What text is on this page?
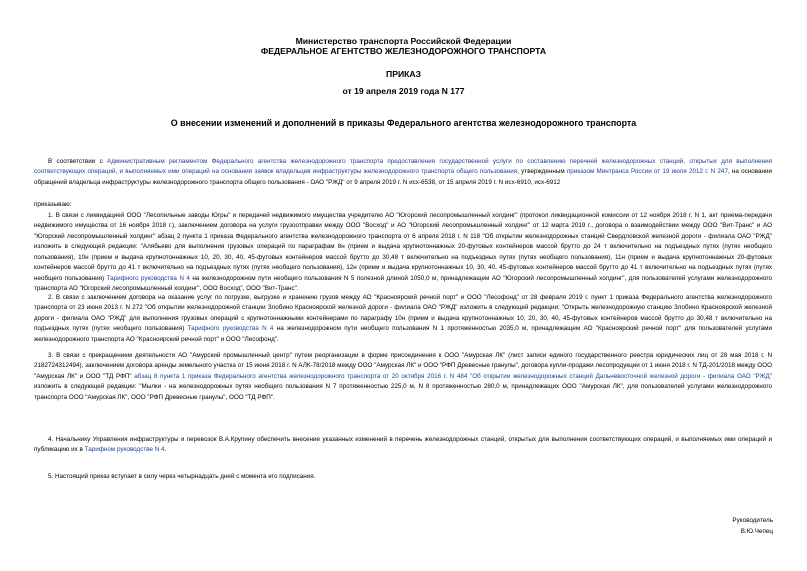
Министерство транспорта Российской Федерации
ФЕДЕРАЛЬНОЕ АГЕНТСТВО ЖЕЛЕЗНОДОРОЖНОГО ТРАНСПОРТА
ПРИКАЗ
от 19 апреля 2019 года N 177
О внесении изменений и дополнений в приказы Федерального агентства железнодорожного транспорта
В соответствии с Административным регламентом Федерального агентства железнодорожного транспорта предоставления государственной услуги по составлению перечней железнодорожных станций, открытых для выполнения соответствующих операций, и выполняемых ими операций на основании заявок владельцев инфраструктуры железнодорожного транспорта общего пользования, утвержденным приказом Минтранса России от 19 июля 2012 г. N 247, на основании обращений владельца инфраструктуры железнодорожного транспорта общего пользования - ОАО "РЖД" от 9 апреля 2019 г. N исх-6538, от 15 апреля 2019 г. N исх-6910, исх-6912
приказываю:
1. В связи с ликвидацией ООО "Лесопильные заводы Югры" и передачей недвижимого имущества учредителю АО "Югорский лесопромышленный холдинг" (протокол ликвидационной комиссии от 12 ноября 2018 г. N 1, акт приема-передачи недвижимого имущества от 16 ноября 2018 г.), заключением договора на услуги грузоотправки между ООО "Восход" и АО "Югорский лесопромышленный холдинг" от 12 марта 2019 г., договора о взаимодействии между ООО "Вит-Транс" и АО "Югорский лесопромышленный холдинг" абзац 2 пункта 1 приказа Федерального агентства железнодорожного транспорта от 6 апреля 2018 г. N 118 "Об открытии железнодорожных станций Свердловской железной дороги - филиала ОАО "РЖД" изложить в следующей редакции: "Алябьево для выполнения грузовых операций по параграфам 8н (прием и выдача крупнотоннажных 20-футовых контейнеров массой брутто до 24 т включительно на подъездных путях (путях необщего пользования), 10н (прием и выдача крупнотоннажных 10, 20, 30, 40, 45-футовых контейнеров массой брутто до 30,48 т включительно на подъездных путях (путях необщего пользования), 11н (прием и выдача крупнотоннажных 20-футовых контейнеров массой брутто до 41 т включительно на подъездных путях (путях необщего пользования), 12н (прием и выдача крупнотоннажных 10, 30, 40, 45-футовых контейнеров массой брутто до 41 т включительно на подъездных путях (путях необщего пользования) Тарифного руководства N 4 на железнодорожном пути необщего пользования N 5 полезной длиной 1050,0 м, принадлежащем АО "Югорский лесопромышленный холдинг", для пользователей услугами железнодорожного транспорта АО "Югорский лесопромышленный холдинг", ООО Восход", ООО "Вит-Транс".
2. В связи с заключением договора на оказание услуг по погрузке, выгрузке и хранению грузов между АО "Красноярский речной порт" и ООО "Лесофонд" от 28 февраля 2019 г. пункт 1 приказа Федерального агентства железнодорожного транспорта от 23 июня 2013 г. N 272 "Об открытии железнодорожной станции Злобино Красноярской железной дороги - филиала ОАО "РЖД" изложить в следующей редакции: "Открыть железнодорожную станцию Злобино Красноярской железной дороги - филиала ОАО "РЖД" для выполнения грузовых операций с крупнотоннажными контейнерами по параграфу 10н (прием и выдача крупнотоннажных 10, 20, 30, 40, 45-футовых контейнеров массой брутто до 30,48 т включительно на подъездных путях (путях необщего пользования) Тарифного руководства N 4 на железнодорожном пути необщего пользования N 1 протяженностью 2035,0 м, принадлежащем АО "Красноярский речной порт" для пользователей услугами железнодорожного транспорта АО "Красноярский речной порт" и ООО "Лесофонд".
3. В связи с прекращением деятельности АО "Амурский промышленный центр" путем реорганизации в форме присоединения к ООО "Амурская ЛК" (лист записи единого государственного реестра юридических лиц от 28 мая 2018 г. N 2182724312494), заключением договора аренды земельного участка от 15 июня 2018 г. N АЛК-78/2018 между ООО "Амурская ЛК" и ООО "РФП Древесные гранулы", договора купли-продажи лесопродукции от 1 июня 2018 г. N ТД-201/2018 между ООО "Амурская ЛК" и ООО "ТД РФП" абзац 8 пункта 1 приказа Федерального агентства железнодорожного транспорта от 20 октября 2016 г. N 484 "Об открытии железнодорожных станций Дальневосточной железной дороги - филиала ОАО "РЖД" изложить в следующей редакции: "Мылки - на железнодорожных путях необщего пользования N 7 протяженностью 225,0 м, N 8 протяженностью 280,0 м, принадлежащих ООО "Амурская ЛК", для пользователей услугами железнодорожного транспорта ООО "Амурская ЛК", ООО "РФП Древесные гранулы", ООО "ТД РФП".
4. Начальнику Управления инфраструктуры и перевозок В.А.Крупину обеспечить внесение указанных изменений в перечень железнодорожных станций, открытых для выполнения соответствующих операций, и выполняемых ими операций и публикацию их в Тарифном руководстве N 4.
5. Настоящий приказ вступает в силу через четырнадцать дней с момента его подписания.
Руководитель
В.Ю.Чепец
